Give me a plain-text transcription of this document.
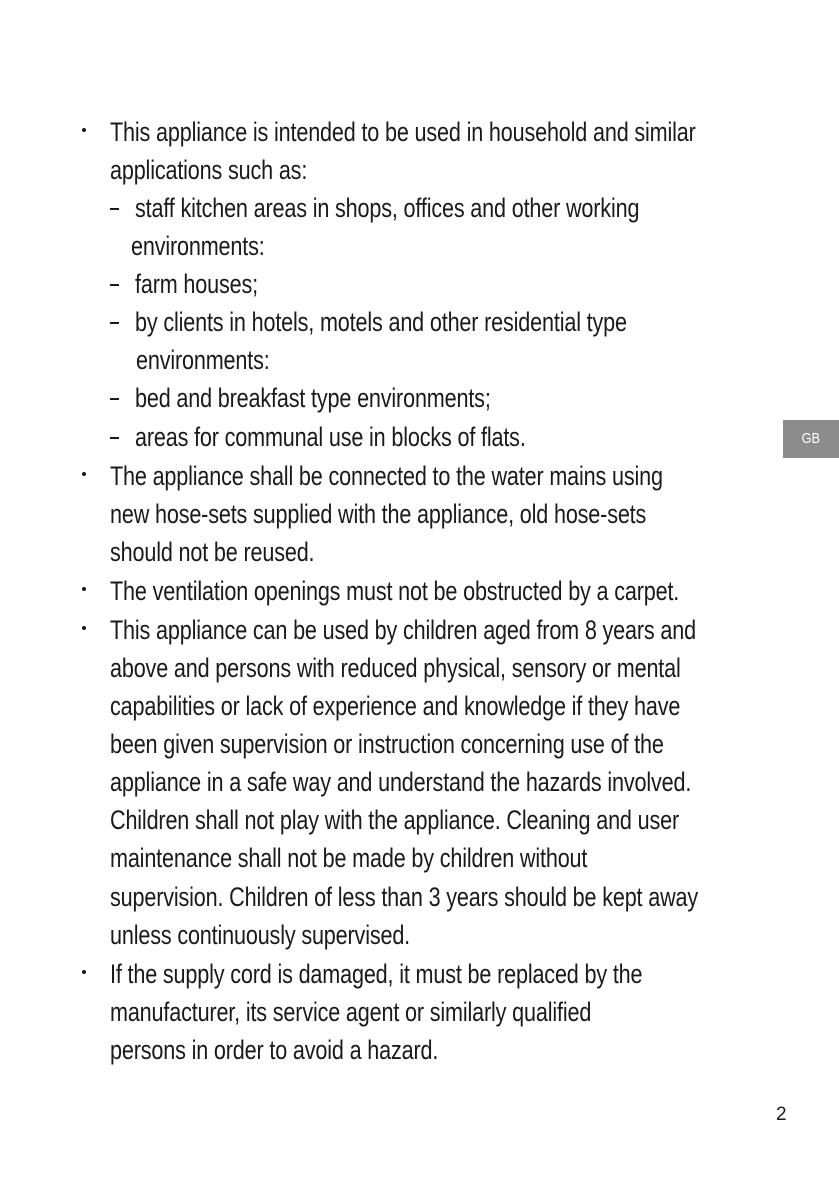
This appliance is intended to be used in household and similar
applications such as:
staff kitchen areas in shops, offices and other working
environments:
farm houses;
by clients in hotels, motels and other residential type
environments:
bed and breakfast type environments;
areas for communal use in blocks of flats.
The appliance shall be connected to the water mains using
new hose-sets supplied with the appliance, old hose-sets
should not be reused.
The ventilation openings must not be obstructed by a carpet.
This appliance can be used by children aged from 8 years and
above and persons with reduced physical, sensory or mental
capabilities or lack of experience and knowledge if they have
been given supervision or instruction concerning use of the
appliance in a safe way and understand the hazards involved.
Children shall not play with the appliance. Cleaning and user
maintenance shall not be made by children without
supervision. Children of less than 3 years should be kept away
unless continuously supervised.
If the supply cord is damaged, it must be replaced by the
manufacturer, its service agent or similarly qualified
persons in order to avoid a hazard.
GB
2
